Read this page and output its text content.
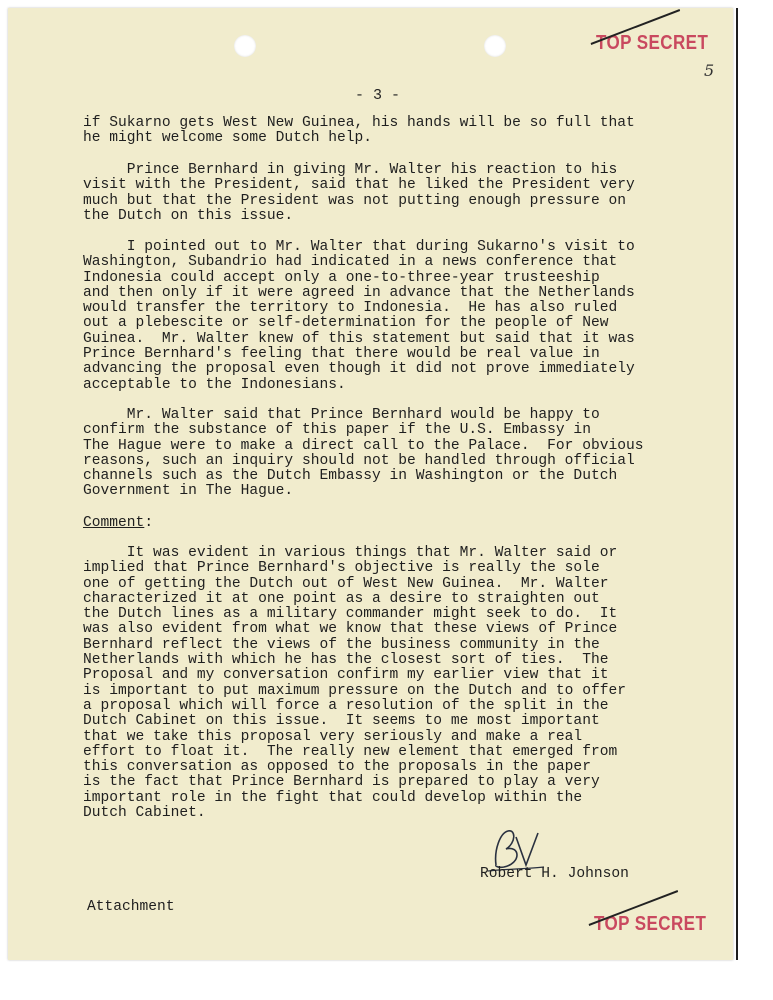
TOP SECRET
5
- 3 -
if Sukarno gets West New Guinea, his hands will be so full that
he might welcome some Dutch help.
Prince Bernhard in giving Mr. Walter his reaction to his
visit with the President, said that he liked the President very
much but that the President was not putting enough pressure on
the Dutch on this issue.
I pointed out to Mr. Walter that during Sukarno's visit to
Washington, Subandrio had indicated in a news conference that
Indonesia could accept only a one-to-three-year trusteeship
and then only if it were agreed in advance that the Netherlands
would transfer the territory to Indonesia.  He has also ruled
out a plebescite or self-determination for the people of New
Guinea.  Mr. Walter knew of this statement but said that it was
Prince Bernhard's feeling that there would be real value in
advancing the proposal even though it did not prove immediately
acceptable to the Indonesians.
Mr. Walter said that Prince Bernhard would be happy to
confirm the substance of this paper if the U.S. Embassy in
The Hague were to make a direct call to the Palace.  For obvious
reasons, such an inquiry should not be handled through official
channels such as the Dutch Embassy in Washington or the Dutch
Government in The Hague.
Comment:
It was evident in various things that Mr. Walter said or
implied that Prince Bernhard's objective is really the sole
one of getting the Dutch out of West New Guinea.  Mr. Walter
characterized it at one point as a desire to straighten out
the Dutch lines as a military commander might seek to do.  It
was also evident from what we know that these views of Prince
Bernhard reflect the views of the business community in the
Netherlands with which he has the closest sort of ties.  The
Proposal and my conversation confirm my earlier view that it
is important to put maximum pressure on the Dutch and to offer
a proposal which will force a resolution of the split in the
Dutch Cabinet on this issue.  It seems to me most important
that we take this proposal very seriously and make a real
effort to float it.  The really new element that emerged from
this conversation as opposed to the proposals in the paper
is the fact that Prince Bernhard is prepared to play a very
important role in the fight that could develop within the
Dutch Cabinet.
Robert H. Johnson
Attachment
TOP SECRET
